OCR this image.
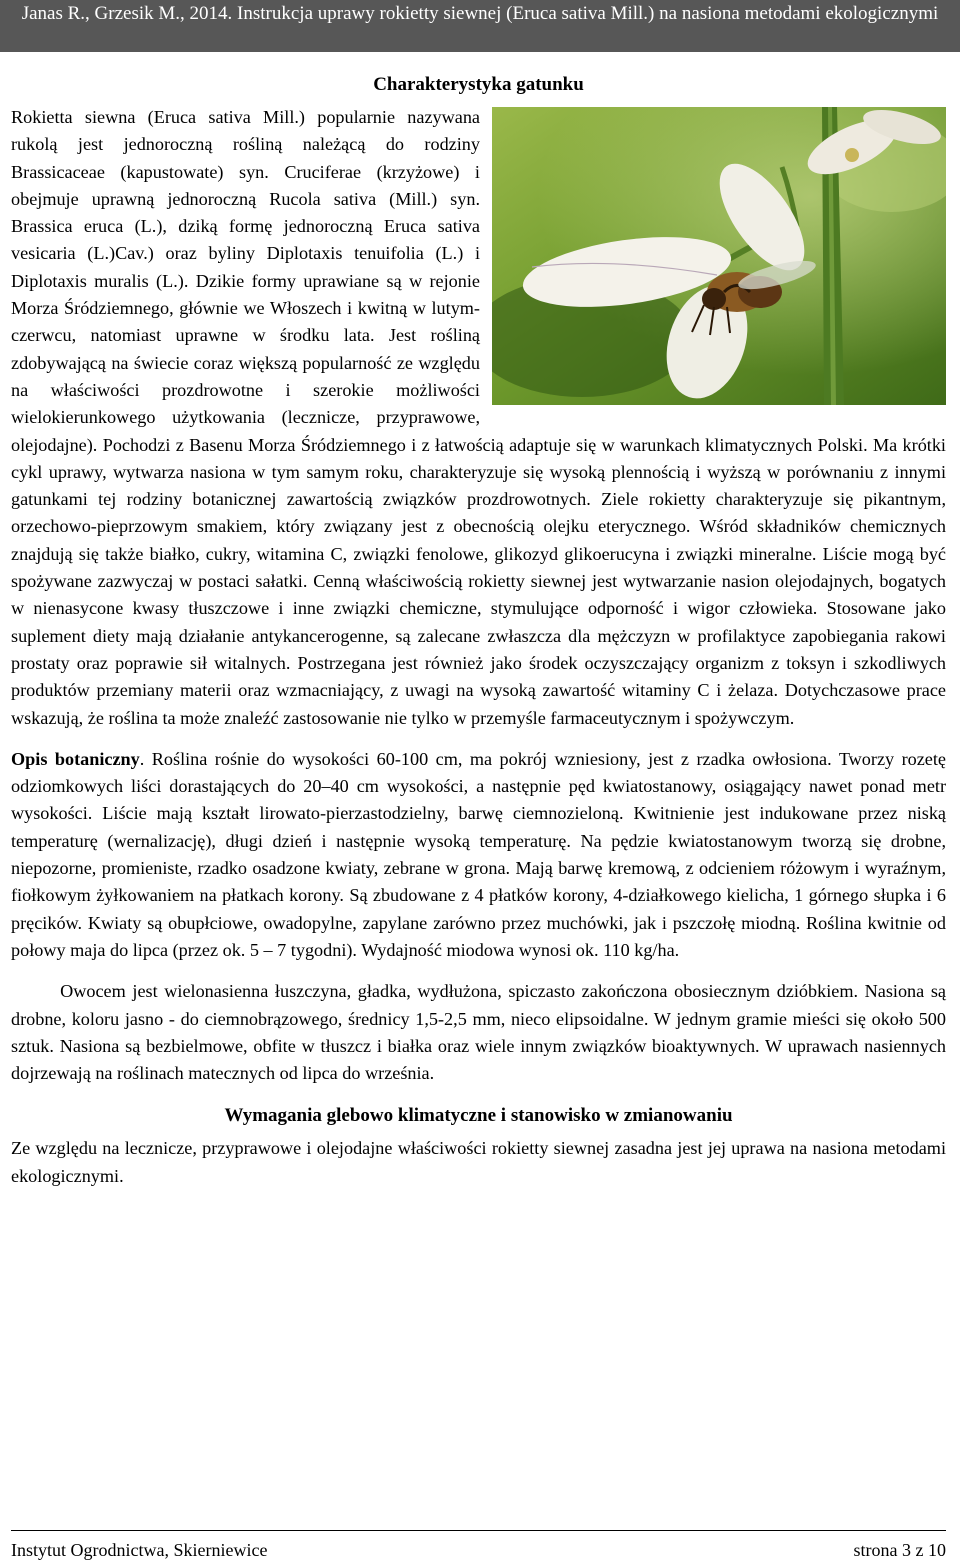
Janas R., Grzesik M., 2014. Instrukcja uprawy rokietty siewnej (Eruca sativa Mill.) na nasiona metodami ekologicznymi
Charakterystyka gatunku

Rokietta siewna (Eruca sativa Mill.) popularnie nazywana rukolą jest jednoroczną rośliną należącą do rodziny Brassicaceae (kapustowate) syn. Cruciferae (krzyżowe) i obejmuje uprawną jednoroczną Rucola sativa (Mill.) syn. Brassica eruca (L.), dziką formę jednoroczną Eruca sativa vesicaria (L.)Cav.) oraz byliny Diplotaxis tenuifolia (L.) i Diplotaxis muralis (L.). Dzikie formy uprawiane są w rejonie Morza Śródziemnego, głównie we Włoszech i kwitną w lutym-czerwcu, natomiast uprawne w środku lata. Jest rośliną zdobywającą na świecie coraz większą popularność ze względu na właściwości prozdrowotne i szerokie możliwości wielokierunkowego użytkowania (lecznicze, przyprawowe, olejodajne). Pochodzi z Basenu Morza Śródziemnego i z łatwością adaptuje się w warunkach klimatycznych Polski. Ma krótki cykl uprawy, wytwarza nasiona w tym samym roku, charakteryzuje się wysoką plennością i wyższą w porównaniu z innymi gatunkami tej rodziny botanicznej zawartością związków prozdrowotnych. Ziele rokietty charakteryzuje się pikantnym, orzechowo-pieprzowym smakiem, który związany jest z obecnością olejku eterycznego. Wśród składników chemicznych znajdują się także białko, cukry, witamina C, związki fenolowe, glikozyd glikoerucyna i związki mineralne. Liście mogą być spożywane zazwyczaj w postaci sałatki. Cenną właściwością rokietty siewnej jest wytwarzanie nasion olejodajnych, bogatych w nienasycone kwasy tłuszczowe i inne związki chemiczne, stymulujące odporność i wigor człowieka. Stosowane jako suplement diety mają działanie antykancerogenne, są zalecane zwłaszcza dla mężczyzn w profilaktyce zapobiegania rakowi prostaty oraz poprawie sił witalnych. Postrzegana jest również jako środek oczyszczający organizm z toksyn i szkodliwych produktów przemiany materii oraz wzmacniający, z uwagi na wysoką zawartość witaminy C i żelaza. Dotychczasowe prace wskazują, że roślina ta może znaleźć zastosowanie nie tylko w przemyśle farmaceutycznym i spożywczym.

Opis botaniczny. Roślina rośnie do wysokości 60-100 cm, ma pokrój wzniesiony, jest z rzadka owłosiona. Tworzy rozetę odziomkowych liści dorastających do 20–40 cm wysokości, a następnie pęd kwiatostanowy, osiągający nawet ponad metr wysokości. Liście mają kształt lirowato-pierzastodzielny, barwę ciemnozieloną. Kwitnienie jest indukowane przez niską temperaturę (wernalizację), długi dzień i następnie wysoką temperaturę. Na pędzie kwiatostanowym tworzą się drobne, niepozorne, promieniste, rzadko osadzone kwiaty, zebrane w grona. Mają barwę kremową, z odcieniem różowym i wyraźnym, fiołkowym żyłkowaniem na płatkach korony. Są zbudowane z 4 płatków korony, 4-działkowego kielicha, 1 górnego słupka i 6 pręcików. Kwiaty są obupłciowe, owadopylne, zapylane zarówno przez muchówki, jak i pszczołę miodną. Roślina kwitnie od połowy maja do lipca (przez ok. 5 – 7 tygodni). Wydajność miodowa wynosi ok. 110 kg/ha.

Owocem jest wielonasienna łuszczyna, gładka, wydłużona, spiczasto zakończona obosiecznym dzióbkiem. Nasiona są drobne, koloru jasno - do ciemnobrązowego, średnicy 1,5-2,5 mm, nieco elipsoidalne. W jednym gramie mieści się około 500 sztuk. Nasiona są bezbielmowe, obfite w tłuszcz i białka oraz wiele innym związków bioaktywnych. W uprawach nasiennych dojrzewają na roślinach matecznych od lipca do września.

Wymagania glebowo klimatyczne i stanowisko w zmianowaniu

Ze względu na lecznicze, przyprawowe i olejodajne właściwości rokietty siewnej zasadna jest jej uprawa na nasiona metodami ekologicznymi.

Instytut Ogrodnictwa, Skierniewice	strona 3 z 10
